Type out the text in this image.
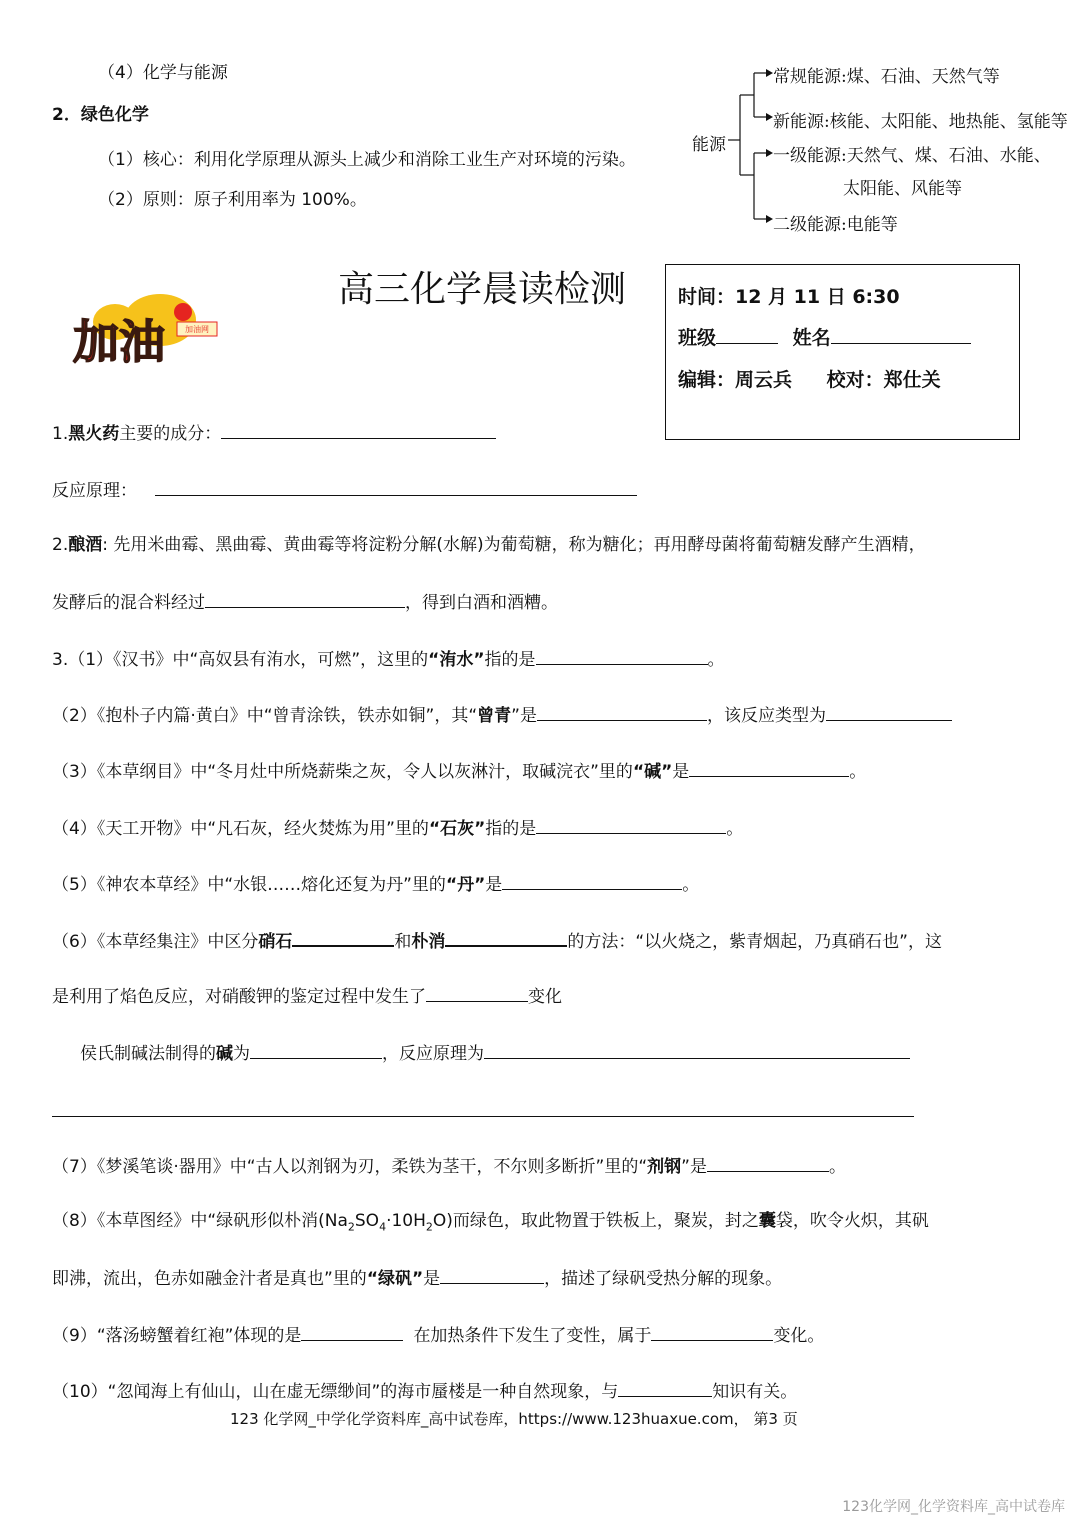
（4）化学与能源
2．绿色化学
（1）核心：利用化学原理从源头上减少和消除工业生产对环境的污染。
（2）原则：原子利用率为 100%。
能源
常规能源:煤、石油、天然气等
新能源:核能、太阳能、地热能、氢能等
一级能源:天然气、煤、石油、水能、
太阳能、风能等
二级能源:电能等
加油网
加油
高三化学晨读检测	时间：12 月 11 日 6:30
班级	姓名
编辑：周云兵 校对：郑仕关
1.黑火药主要的成分：
反应原理：
2.酿酒: 先用米曲霉、黑曲霉、黄曲霉等将淀粉分解(水解)为葡萄糖，称为糖化；再用酵母菌将葡萄糖发酵产生酒精，
发酵后的混合料经过	，得到白酒和酒糟。
3.（1）《汉书》中“高奴县有洧水，可燃”，这里的“洧水”指的是	。
（2）《抱朴子内篇·黄白》中“曾青涂铁，铁赤如铜”，其“曾青”是	，该反应类型为
（3）《本草纲目》中“冬月灶中所烧薪柴之灰，令人以灰淋汁，取碱浣衣”里的“碱”是	。
（4）《天工开物》中“凡石灰，经火焚炼为用”里的“石灰”指的是	。
（5）《神农本草经》中“水银……熔化还复为丹”里的“丹”是	。
（6）《本草经集注》中区分硝石	和朴消	的方法：“以火烧之，紫青烟起，乃真硝石也”，这
是利用了焰色反应，对硝酸钾的鉴定过程中发生了	变化
侯氏制碱法制得的碱为	，反应原理为
（7）《梦溪笔谈·器用》中“古人以剂钢为刃，柔铁为茎干，不尔则多断折”里的“剂钢”是	。
（8）《本草图经》中“绿矾形似朴消$(Na_2SO_4\cdot 10H_2O)$而绿色，取此物置于铁板上，聚炭，封之囊袋，吹令火炽，其矾
即沸，流出，色赤如融金汁者是真也”里的“绿矾”是	，描述了绿矾受热分解的现象。
（9）“落汤螃蟹着红袍”体现的是	在加热条件下发生了变性，属于	变化。
（10）“忽闻海上有仙山，山在虚无缥缈间”的海市蜃楼是一种自然现象，与	知识有关。
123 化学网_中学化学资料库_高中试卷库，https://www.123huaxue.com， 第3 页
123化学网_化学资料库_高中试卷库
